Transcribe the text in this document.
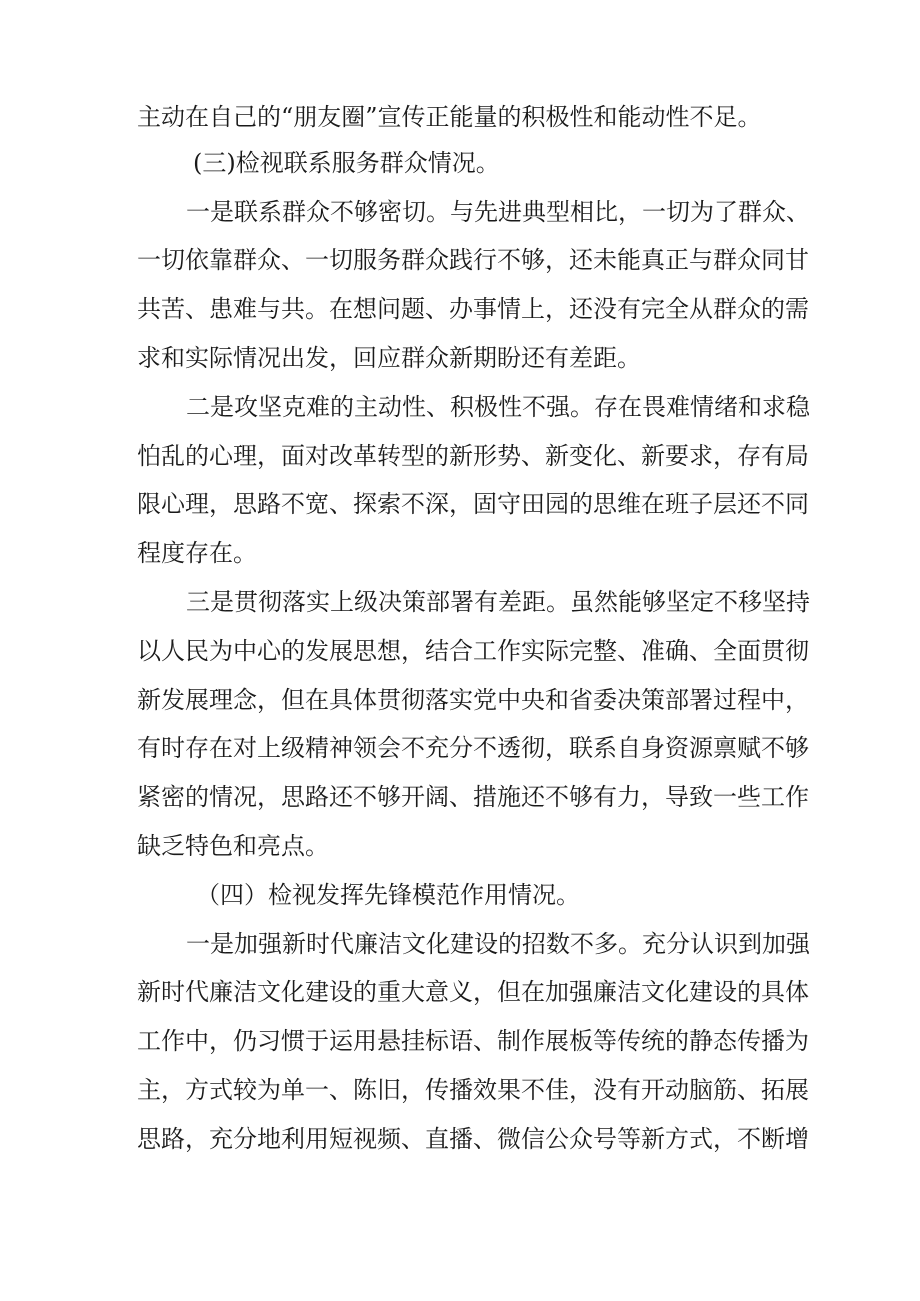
主动在自己的“朋友圈”宣传正能量的积极性和能动性不足。

(三)检视联系服务群众情况。

一是联系群众不够密切。与先进典型相比，一切为了群众、

一切依靠群众、一切服务群众践行不够，还未能真正与群众同甘

共苦、患难与共。在想问题、办事情上，还没有完全从群众的需

求和实际情况出发，回应群众新期盼还有差距。

二是攻坚克难的主动性、积极性不强。存在畏难情绪和求稳

怕乱的心理，面对改革转型的新形势、新变化、新要求，存有局

限心理，思路不宽、探索不深，固守田园的思维在班子层还不同

程度存在。

三是贯彻落实上级决策部署有差距。虽然能够坚定不移坚持

以人民为中心的发展思想，结合工作实际完整、准确、全面贯彻

新发展理念，但在具体贯彻落实党中央和省委决策部署过程中，

有时存在对上级精神领会不充分不透彻，联系自身资源禀赋不够

紧密的情况，思路还不够开阔、措施还不够有力，导致一些工作

缺乏特色和亮点。

（四）检视发挥先锋模范作用情况。

一是加强新时代廉洁文化建设的招数不多。充分认识到加强

新时代廉洁文化建设的重大意义，但在加强廉洁文化建设的具体

工作中，仍习惯于运用悬挂标语、制作展板等传统的静态传播为

主，方式较为单一、陈旧，传播效果不佳，没有开动脑筋、拓展

思路，充分地利用短视频、直播、微信公众号等新方式，不断增
